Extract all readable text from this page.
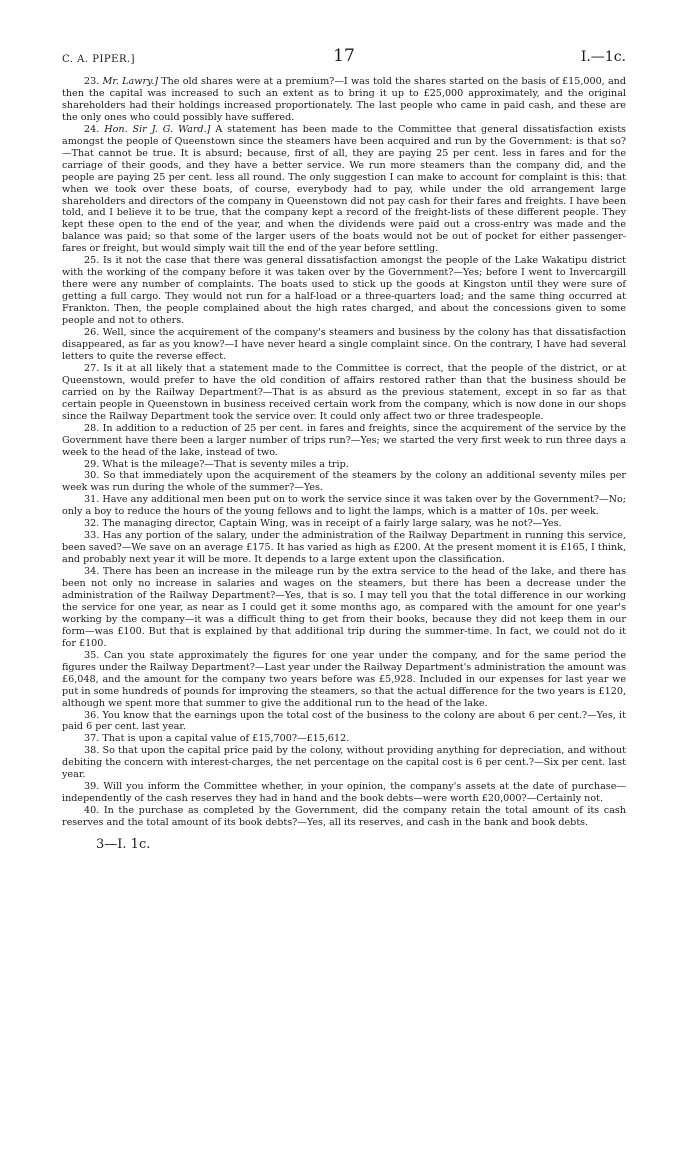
C. A. PIPER.]	17	I.—1c.

23. Mr. Lawry.] The old shares were at a premium?—I was told the shares started on the basis of £15,000, and then the capital was increased to such an extent as to bring it up to £25,000 approximately, and the original shareholders had their holdings increased proportionately. The last people who came in paid cash, and these are the only ones who could possibly have suffered.

24. Hon. Sir J. G. Ward.] A statement has been made to the Committee that general dissatisfaction exists amongst the people of Queenstown since the steamers have been acquired and run by the Government: is that so?—That cannot be true. It is absurd; because, first of all, they are paying 25 per cent. less in fares and for the carriage of their goods, and they have a better service. We run more steamers than the company did, and the people are paying 25 per cent. less all round. The only suggestion I can make to account for complaint is this: that when we took over these boats, of course, everybody had to pay, while under the old arrangement large shareholders and directors of the company in Queenstown did not pay cash for their fares and freights. I have been told, and I believe it to be true, that the company kept a record of the freight-lists of these different people. They kept these open to the end of the year, and when the dividends were paid out a cross-entry was made and the balance was paid; so that some of the larger users of the boats would not be out of pocket for either passenger-fares or freight, but would simply wait till the end of the year before settling.

25. Is it not the case that there was general dissatisfaction amongst the people of the Lake Wakatipu district with the working of the company before it was taken over by the Government?—Yes; before I went to Invercargill there were any number of complaints. The boats used to stick up the goods at Kingston until they were sure of getting a full cargo. They would not run for a half-load or a three-quarters load; and the same thing occurred at Frankton. Then, the people complained about the high rates charged, and about the concessions given to some people and not to others.

26. Well, since the acquirement of the company's steamers and business by the colony has that dissatisfaction disappeared, as far as you know?—I have never heard a single complaint since. On the contrary, I have had several letters to quite the reverse effect.

27. Is it at all likely that a statement made to the Committee is correct, that the people of the district, or at Queenstown, would prefer to have the old condition of affairs restored rather than that the business should be carried on by the Railway Department?—That is as absurd as the previous statement, except in so far as that certain people in Queenstown in business received certain work from the company, which is now done in our shops since the Railway Department took the service over. It could only affect two or three tradespeople.

28. In addition to a reduction of 25 per cent. in fares and freights, since the acquirement of the service by the Government have there been a larger number of trips run?—Yes; we started the very first week to run three days a week to the head of the lake, instead of two.

29. What is the mileage?—That is seventy miles a trip.

30. So that immediately upon the acquirement of the steamers by the colony an additional seventy miles per week was run during the whole of the summer?—Yes.

31. Have any additional men been put on to work the service since it was taken over by the Government?—No; only a boy to reduce the hours of the young fellows and to light the lamps, which is a matter of 10s. per week.

32. The managing director, Captain Wing, was in receipt of a fairly large salary, was he not?—Yes.

33. Has any portion of the salary, under the administration of the Railway Department in running this service, been saved?—We save on an average £175. It has varied as high as £200. At the present moment it is £165, I think, and probably next year it will be more. It depends to a large extent upon the classification.

34. There has been an increase in the mileage run by the extra service to the head of the lake, and there has been not only no increase in salaries and wages on the steamers, but there has been a decrease under the administration of the Railway Department?—Yes, that is so. I may tell you that the total difference in our working the service for one year, as near as I could get it some months ago, as compared with the amount for one year's working by the company—it was a difficult thing to get from their books, because they did not keep them in our form—was £100. But that is explained by that additional trip during the summer-time. In fact, we could not do it for £100.

35. Can you state approximately the figures for one year under the company, and for the same period the figures under the Railway Department?—Last year under the Railway Department's administration the amount was £6,048, and the amount for the company two years before was £5,928. Included in our expenses for last year we put in some hundreds of pounds for improving the steamers, so that the actual difference for the two years is £120, although we spent more that summer to give the additional run to the head of the lake.

36. You know that the earnings upon the total cost of the business to the colony are about 6 per cent.?—Yes, it paid 6 per cent. last year.

37. That is upon a capital value of £15,700?—£15,612.

38. So that upon the capital price paid by the colony, without providing anything for depreciation, and without debiting the concern with interest-charges, the net percentage on the capital cost is 6 per cent.?—Six per cent. last year.

39. Will you inform the Committee whether, in your opinion, the company's assets at the date of purchase—independently of the cash reserves they had in hand and the book debts—were worth £20,000?—Certainly not.

40. In the purchase as completed by the Government, did the company retain the total amount of its cash reserves and the total amount of its book debts?—Yes, all its reserves, and cash in the bank and book debts.

3—I. 1c.
